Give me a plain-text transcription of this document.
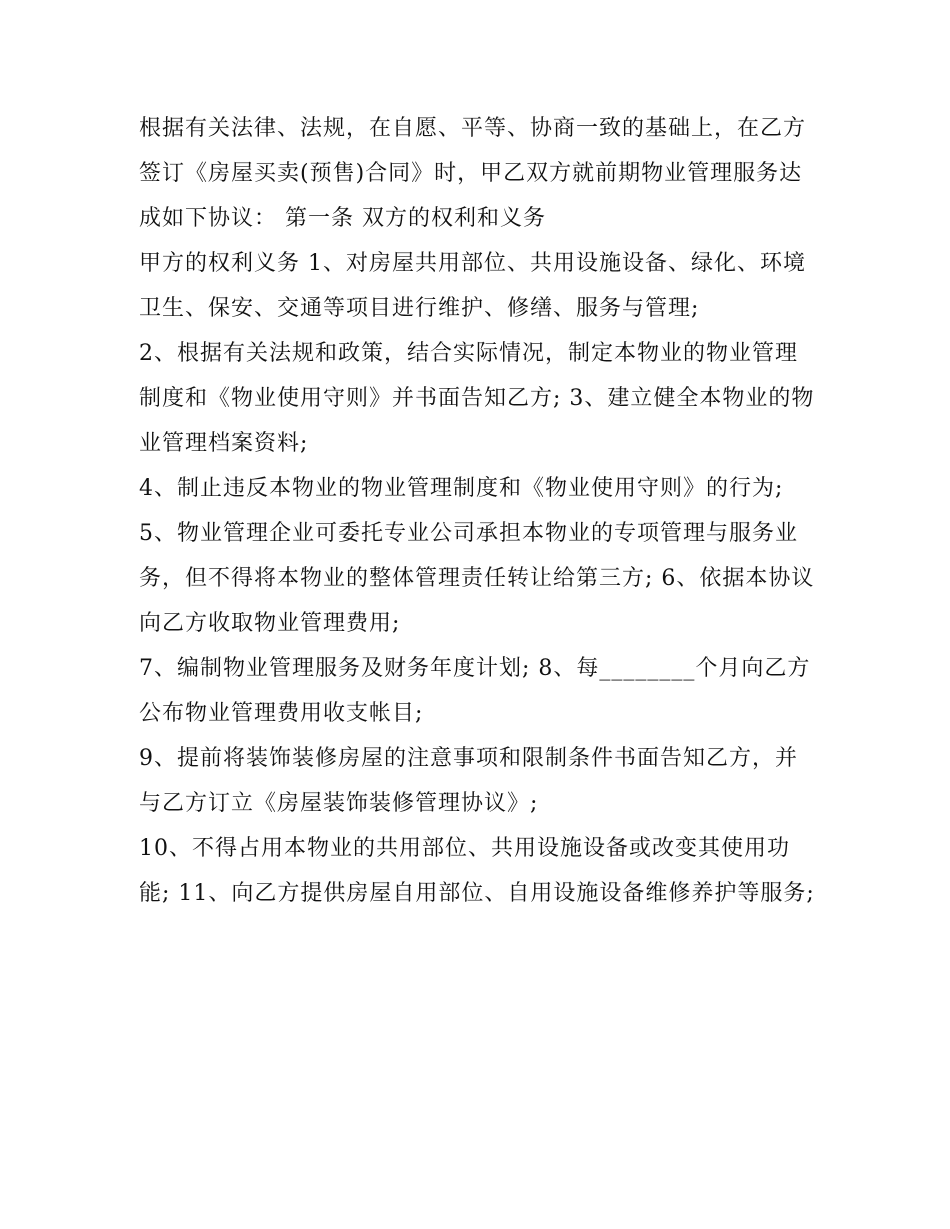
根据有关法律、法规，在自愿、平等、协商一致的基础上，在乙方签订《房屋买卖(预售)合同》时，甲乙双方就前期物业管理服务达成如下协议： 第一条 双方的权利和义务

甲方的权利义务 1、对房屋共用部位、共用设施设备、绿化、环境卫生、保安、交通等项目进行维护、修缮、服务与管理;

2、根据有关法规和政策，结合实际情况，制定本物业的物业管理制度和《物业使用守则》并书面告知乙方; 3、建立健全本物业的物业管理档案资料;

4、制止违反本物业的物业管理制度和《物业使用守则》的行为;

5、物业管理企业可委托专业公司承担本物业的专项管理与服务业务，但不得将本物业的整体管理责任转让给第三方; 6、依据本协议向乙方收取物业管理费用;

7、编制物业管理服务及财务年度计划; 8、每________个月向乙方公布物业管理费用收支帐目;

9、提前将装饰装修房屋的注意事项和限制条件书面告知乙方，并与乙方订立《房屋装饰装修管理协议》;

10、不得占用本物业的共用部位、共用设施设备或改变其使用功能; 11、向乙方提供房屋自用部位、自用设施设备维修养护等服务;
